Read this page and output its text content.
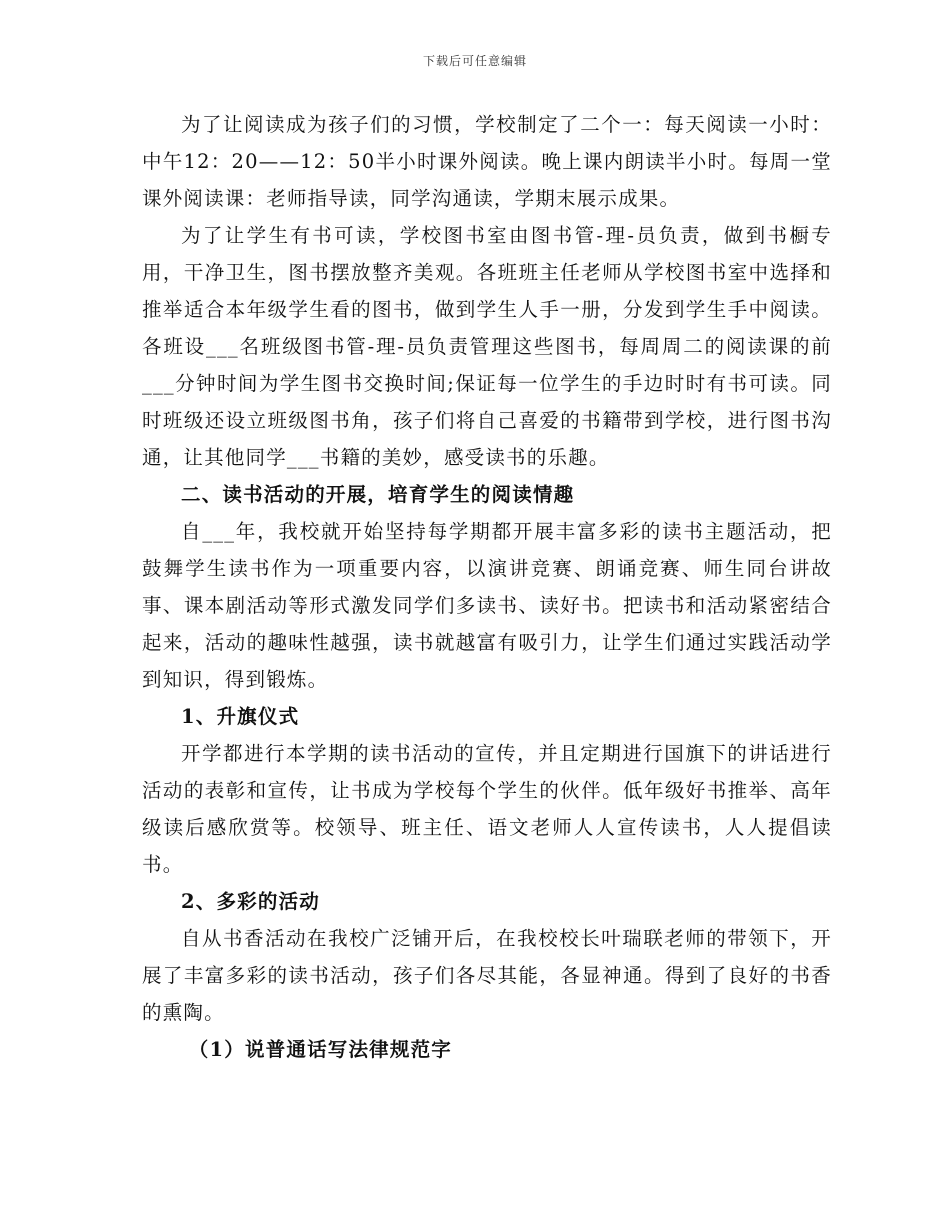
下载后可任意编辑

为了让阅读成为孩子们的习惯，学校制定了二个一：每天阅读一小时：中午12：20——12：50半小时课外阅读。晚上课内朗读半小时。每周一堂课外阅读课：老师指导读，同学沟通读，学期末展示成果。

为了让学生有书可读，学校图书室由图书管-理-员负责，做到书橱专用，干净卫生，图书摆放整齐美观。各班班主任老师从学校图书室中选择和推举适合本年级学生看的图书，做到学生人手一册，分发到学生手中阅读。各班设___名班级图书管-理-员负责管理这些图书，每周周二的阅读课的前___分钟时间为学生图书交换时间;保证每一位学生的手边时时有书可读。同时班级还设立班级图书角，孩子们将自己喜爱的书籍带到学校，进行图书沟通，让其他同学___书籍的美妙，感受读书的乐趣。

二、读书活动的开展，培育学生的阅读情趣

自___年，我校就开始坚持每学期都开展丰富多彩的读书主题活动，把鼓舞学生读书作为一项重要内容，以演讲竞赛、朗诵竞赛、师生同台讲故事、课本剧活动等形式激发同学们多读书、读好书。把读书和活动紧密结合起来，活动的趣味性越强，读书就越富有吸引力，让学生们通过实践活动学到知识，得到锻炼。

1、升旗仪式

开学都进行本学期的读书活动的宣传，并且定期进行国旗下的讲话进行活动的表彰和宣传，让书成为学校每个学生的伙伴。低年级好书推举、高年级读后感欣赏等。校领导、班主任、语文老师人人宣传读书，人人提倡读书。

2、多彩的活动

自从书香活动在我校广泛铺开后，在我校校长叶瑞联老师的带领下，开展了丰富多彩的读书活动，孩子们各尽其能，各显神通。得到了良好的书香的熏陶。

（1）说普通话写法律规范字
